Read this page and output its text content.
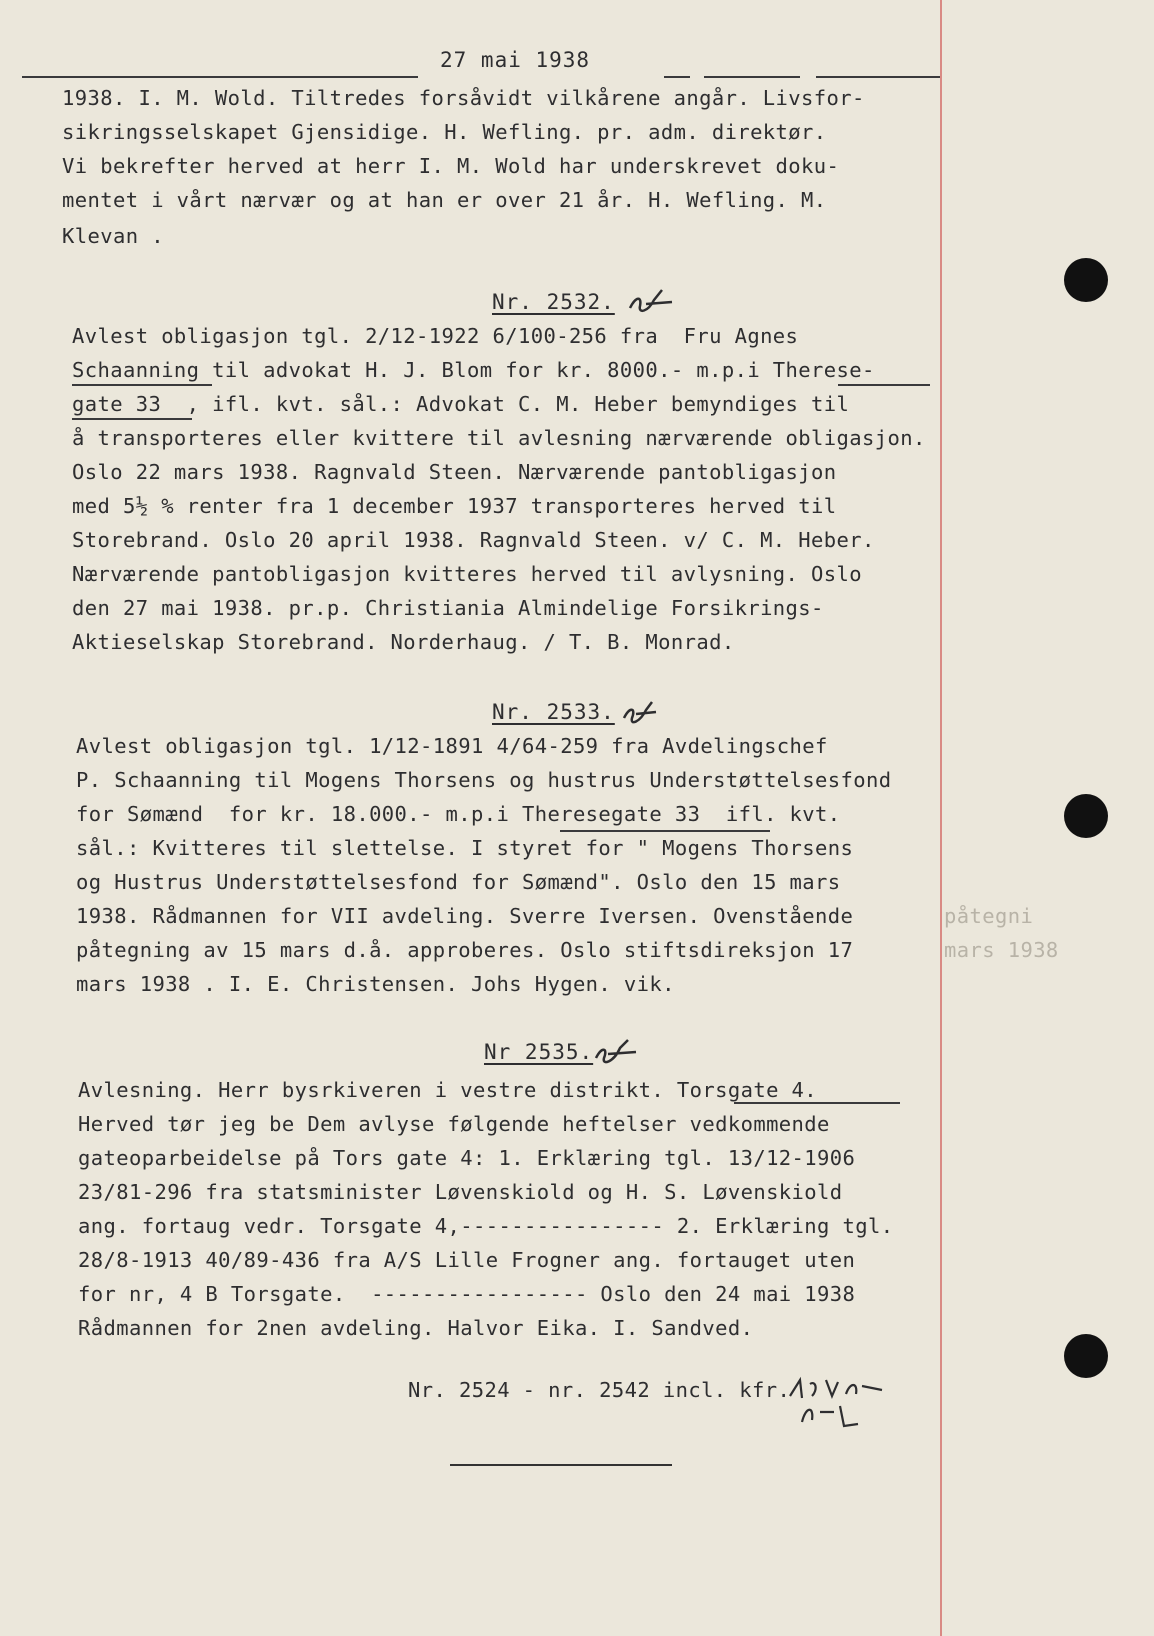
27 mai 1938
1938. I. M. Wold. Tiltredes forsåvidt vilkårene angår. Livsfor-
sikringsselskapet Gjensidige. H. Wefling. pr. adm. direktør.
Vi bekrefter herved at herr I. M. Wold har underskrevet doku-
mentet i vårt nærvær og at han er over 21 år. H. Wefling. M.
Klevan .
Nr. 2532.
Avlest obligasjon tgl. 2/12-1922 6/100-256 fra  Fru Agnes
Schaanning til advokat H. J. Blom for kr. 8000.- m.p.i Therese-
gate 33  , ifl. kvt. sål.: Advokat C. M. Heber bemyndiges til
å transporteres eller kvittere til avlesning nærværende obligasjon.
Oslo 22 mars 1938. Ragnvald Steen. Nærværende pantobligasjon
med 5½ % renter fra 1 december 1937 transporteres herved til
Storebrand. Oslo 20 april 1938. Ragnvald Steen. v/ C. M. Heber.
Nærværende pantobligasjon kvitteres herved til avlysning. Oslo
den 27 mai 1938. pr.p. Christiania Almindelige Forsikrings-
Aktieselskap Storebrand. Norderhaug. / T. B. Monrad.
Nr. 2533.
Avlest obligasjon tgl. 1/12-1891 4/64-259 fra Avdelingschef
P. Schaanning til Mogens Thorsens og hustrus Understøttelsesfond
for Sømænd  for kr. 18.000.- m.p.i Theresegate 33  ifl. kvt.
sål.: Kvitteres til slettelse. I styret for " Mogens Thorsens
og Hustrus Understøttelsesfond for Sømænd". Oslo den 15 mars
1938. Rådmannen for VII avdeling. Sverre Iversen. Ovenstående
påtegning av 15 mars d.å. approberes. Oslo stiftsdireksjon 17
mars 1938 . I. E. Christensen. Johs Hygen. vik.
påtegni
mars 1938
Nr 2535.
Avlesning. Herr bysrkiveren i vestre distrikt. Torsgate 4.
Herved tør jeg be Dem avlyse følgende heftelser vedkommende
gateoparbeidelse på Tors gate 4: 1. Erklæring tgl. 13/12-1906
23/81-296 fra statsminister Løvenskiold og H. S. Løvenskiold
ang. fortaug vedr. Torsgate 4,---------------- 2. Erklæring tgl.
28/8-1913 40/89-436 fra A/S Lille Frogner ang. fortauget uten
for nr, 4 B Torsgate.  ----------------- Oslo den 24 mai 1938
Rådmannen for 2nen avdeling. Halvor Eika. I. Sandved.
Nr. 2524 - nr. 2542 incl. kfr.
